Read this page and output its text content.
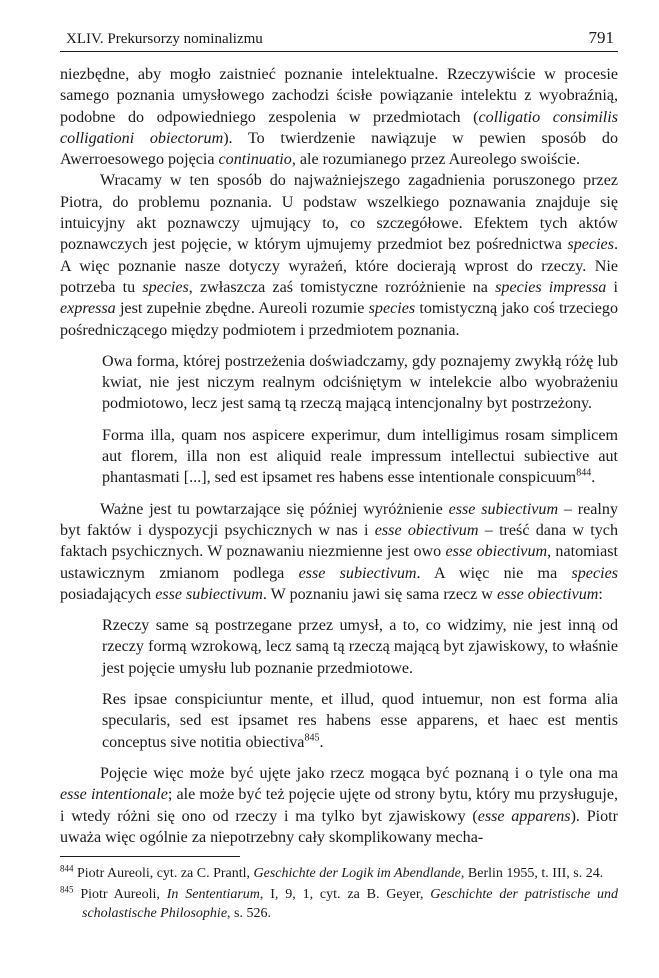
XLIV. Prekursorzy nominalizmu	791

niezbędne, aby mogło zaistnieć poznanie intelektualne. Rzeczywiście w procesie samego poznania umysłowego zachodzi ścisłe powiązanie intelektu z wyobraźnią, podobne do odpowiedniego zespolenia w przedmiotach (colligatio consimilis colligationi obiectorum). To twierdzenie nawiązuje w pewien sposób do Awerroesowego pojęcia continuatio, ale rozumianego przez Aureolego swoiście.

Wracamy w ten sposób do najważniejszego zagadnienia poruszonego przez Piotra, do problemu poznania. U podstaw wszelkiego poznawania znajduje się intuicyjny akt poznawczy ujmujący to, co szczegółowe. Efektem tych aktów poznawczych jest pojęcie, w którym ujmujemy przedmiot bez pośrednictwa species. A więc poznanie nasze dotyczy wyrażeń, które docierają wprost do rzeczy. Nie potrzeba tu species, zwłaszcza zaś tomistyczne rozróżnienie na species impressa i expressa jest zupełnie zbędne. Aureoli rozumie species tomistyczną jako coś trzeciego pośredniczącego między podmiotem i przedmiotem poznania.

Owa forma, której postrzeżenia doświadczamy, gdy poznajemy zwykłą różę lub kwiat, nie jest niczym realnym odciśniętym w intelekcie albo wyobrażeniu podmiotowo, lecz jest samą tą rzeczą mającą intencjonalny byt postrzeżony.

Forma illa, quam nos aspicere experimur, dum intelligimus rosam simplicem aut florem, illa non est aliquid reale impressum intellectui subiective aut phantasmati [...], sed est ipsamet res habens esse intentionale conspicuum$^{844}$.

Ważne jest tu powtarzające się później wyróżnienie esse subiectivum – realny byt faktów i dyspozycji psychicznych w nas i esse obiectivum – treść dana w tych faktach psychicznych. W poznawaniu niezmienne jest owo esse obiectivum, natomiast ustawicznym zmianom podlega esse subiectivum. A więc nie ma species posiadających esse subiectivum. W poznaniu jawi się sama rzecz w esse obiectivum:

Rzeczy same są postrzegane przez umysł, a to, co widzimy, nie jest inną od rzeczy formą wzrokową, lecz samą tą rzeczą mającą byt zjawiskowy, to właśnie jest pojęcie umysłu lub poznanie przedmiotowe.

Res ipsae conspiciuntur mente, et illud, quod intuemur, non est forma alia specularis, sed est ipsamet res habens esse apparens, et haec est mentis conceptus sive notitia obiectiva$^{845}$.

Pojęcie więc może być ujęte jako rzecz mogąca być poznaną i o tyle ona ma esse intentionale; ale może być też pojęcie ujęte od strony bytu, który mu przysługuje, i wtedy różni się ono od rzeczy i ma tylko byt zjawiskowy (esse apparens). Piotr uważa więc ogólnie za niepotrzebny cały skomplikowany mecha-

$^{844}$ Piotr Aureoli, cyt. za C. Prantl, Geschichte der Logik im Abendlande, Berlin 1955, t. III, s. 24.

$^{845}$ Piotr Aureoli, In Sententiarum, I, 9, 1, cyt. za B. Geyer, Geschichte der patristische und scholastische Philosophie, s. 526.
